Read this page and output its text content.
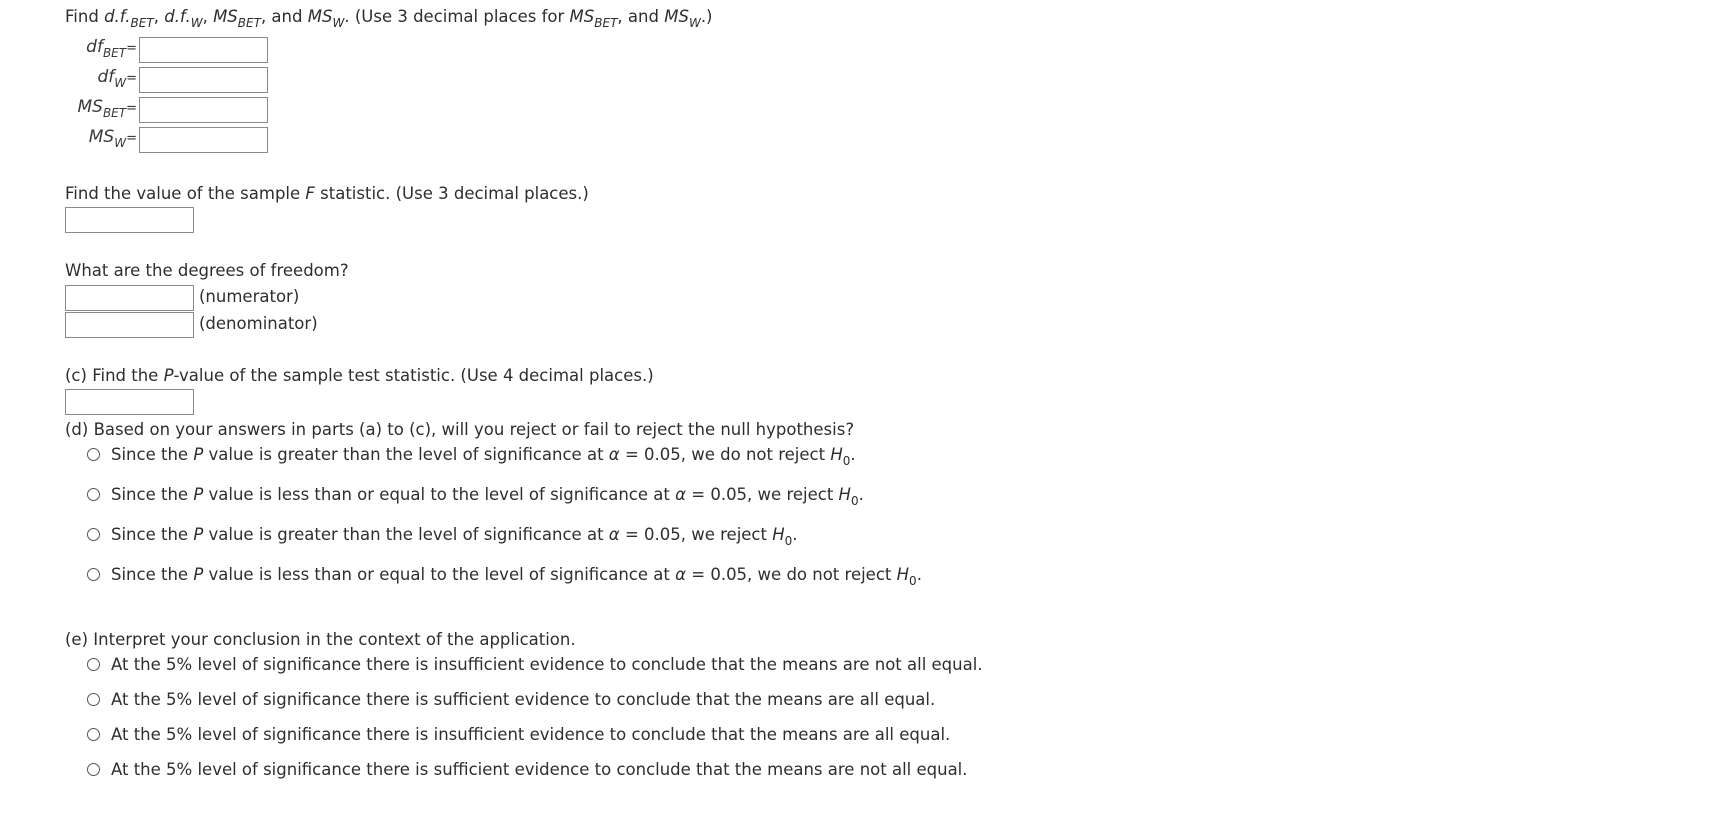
Find $d.f._{BET}$, $d.f._W$, $MS_{BET}$, and $MS_W$. (Use 3 decimal places for $MS_{BET}$, and $MS_W$.)
$df_{BET}=$
$df_W=$
$MS_{BET}=$
$MS_W=$
Find the value of the sample F statistic. (Use 3 decimal places.)
What are the degrees of freedom?
(numerator)
(denominator)
(c) Find the P-value of the sample test statistic. (Use 4 decimal places.)
(d) Based on your answers in parts (a) to (c), will you reject or fail to reject the null hypothesis?
Since the P value is greater than the level of significance at α = 0.05, we do not reject $H_0$.
Since the P value is less than or equal to the level of significance at α = 0.05, we reject $H_0$.
Since the P value is greater than the level of significance at α = 0.05, we reject $H_0$.
Since the P value is less than or equal to the level of significance at α = 0.05, we do not reject $H_0$.
(e) Interpret your conclusion in the context of the application.
At the 5% level of significance there is insufficient evidence to conclude that the means are not all equal.
At the 5% level of significance there is sufficient evidence to conclude that the means are all equal.
At the 5% level of significance there is insufficient evidence to conclude that the means are all equal.
At the 5% level of significance there is sufficient evidence to conclude that the means are not all equal.
